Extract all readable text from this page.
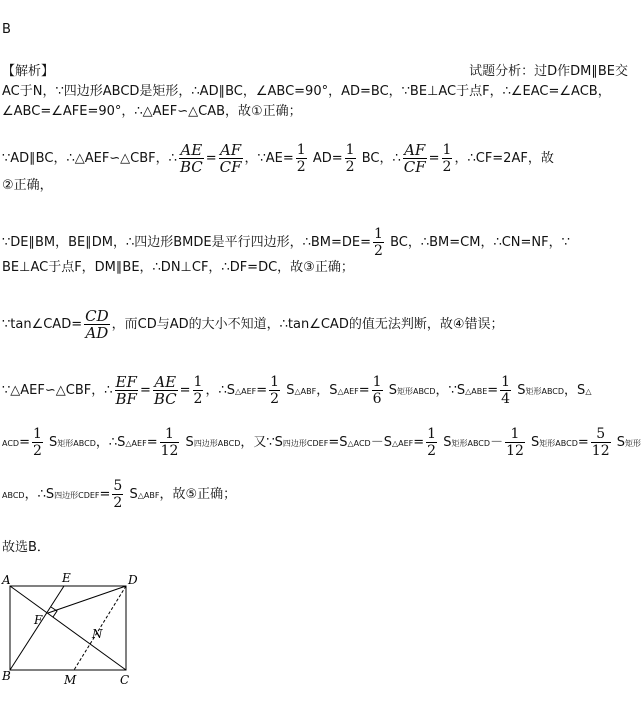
B
【解析】	试题分析：过D作DM∥BE交
AC于N，∵四边形ABCD是矩形，∴AD∥BC，∠ABC=90°，AD=BC，∵BE⊥AC于点F，∴∠EAC=∠ACB，
∠ABC=∠AFE=90°，∴△AEF∽△CAB，故①正确；
∵AD∥BC，∴△AEF∽△CBF，∴ $\frac{AE}{BC} = \frac{AF}{CF}$ ，∵AE= $\frac{1}{2} AD= \frac{1}{2}$ BC，∴ $\frac{AF}{CF} = \frac{1}{2}$ ，∴CF=2AF，故
②正确，
∵DE∥BM，BE∥DM，∴四边形BMDE是平行四边形，∴BM=DE= $\frac{1}{2}$ BC，∴BM=CM，∴CN=NF，∵
BE⊥AC于点F，DM∥BE，∴DN⊥CF，∴DF=DC，故③正确；
∵tan∠CAD= $\frac{CD}{AD}$ ，而CD与AD的大小不知道，∴tan∠CAD的值无法判断，故④错误；
∵△AEF∽△CBF，∴ $\frac{EF}{BF} = \frac{AE}{BC} = \frac{1}{2}$ ，∴S△AEF= $\frac{1}{2}$ S△ABF，S△AEF= $\frac{1}{6}$ S矩形ABCD，∵S△ABE= $\frac{1}{4}$ S矩形ABCD，S△
$ACD= \frac{1}{2}$ S矩形ABCD，∴S△AEF= $\frac{1}{12}$ S四边形ABCD，又∵S四边形CDEF=S△ACD－S△AEF= $\frac{1}{2}$ S矩形ABCD－ $\frac{1}{12}$ S矩形ABCD= $\frac{5}{12}$ S矩形
ABCD，∴S四边形CDEF= $\frac{5}{2}$ S△ABF，故⑤正确；
故选B．
A	E	D
F
N
B	M	C
